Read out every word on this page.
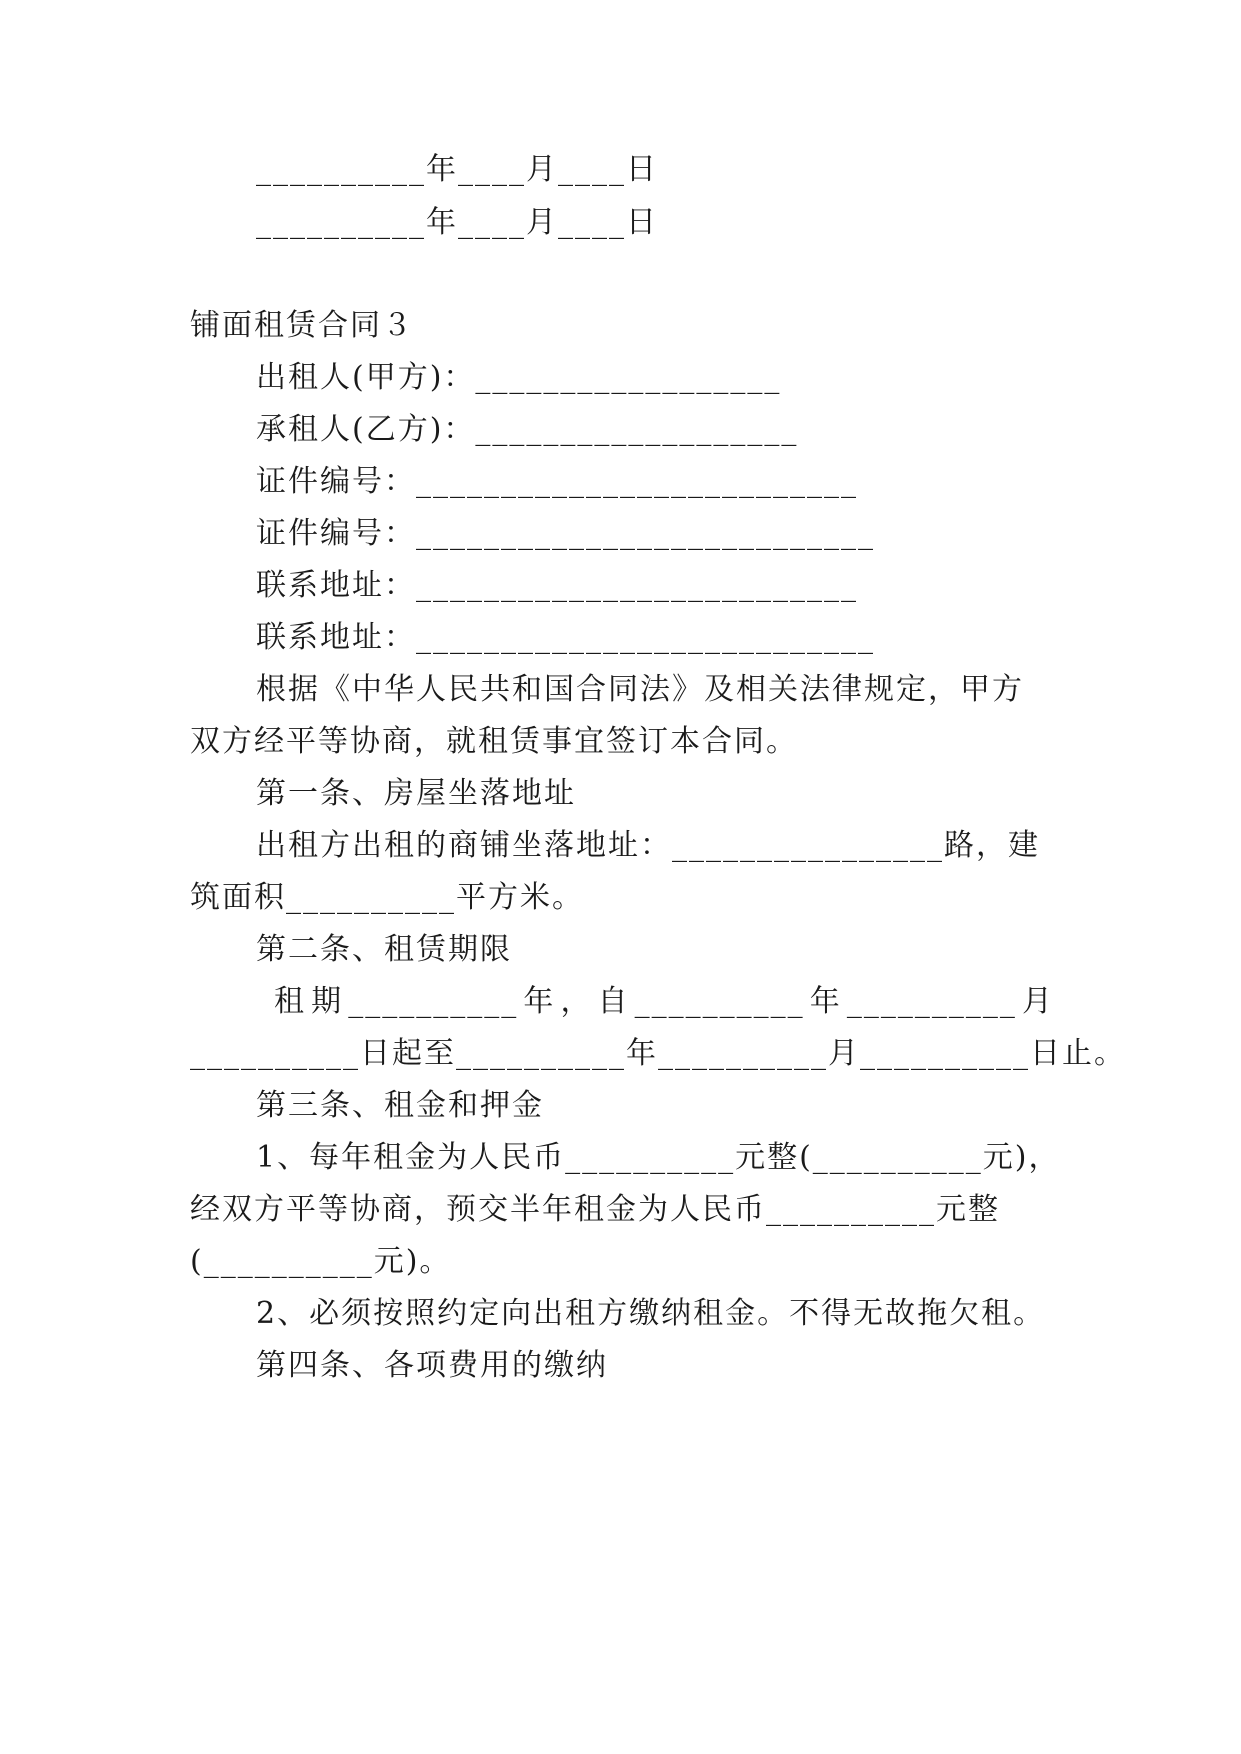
__________年____月____日
__________年____月____日
铺面租赁合同３
出租人(甲方)：__________________
承租人(乙方)：___________________
证件编号：__________________________
证件编号：___________________________
联系地址：__________________________
联系地址：___________________________
根据《中华人民共和国合同法》及相关法律规定，甲方
双方经平等协商，就租赁事宜签订本合同。
第一条、房屋坐落地址
出租方出租的商铺坐落地址：________________路，建
筑面积__________平方米。
第二条、租赁期限
租 期 __________ 年 ， 自 __________ 年 __________ 月
__________日起至__________年__________月__________日止。
第三条、租金和押金
1、每年租金为人民币__________元整(__________元)，
经双方平等协商，预交半年租金为人民币__________元整
(__________元)。
2、必须按照约定向出租方缴纳租金。不得无故拖欠租。
第四条、各项费用的缴纳
